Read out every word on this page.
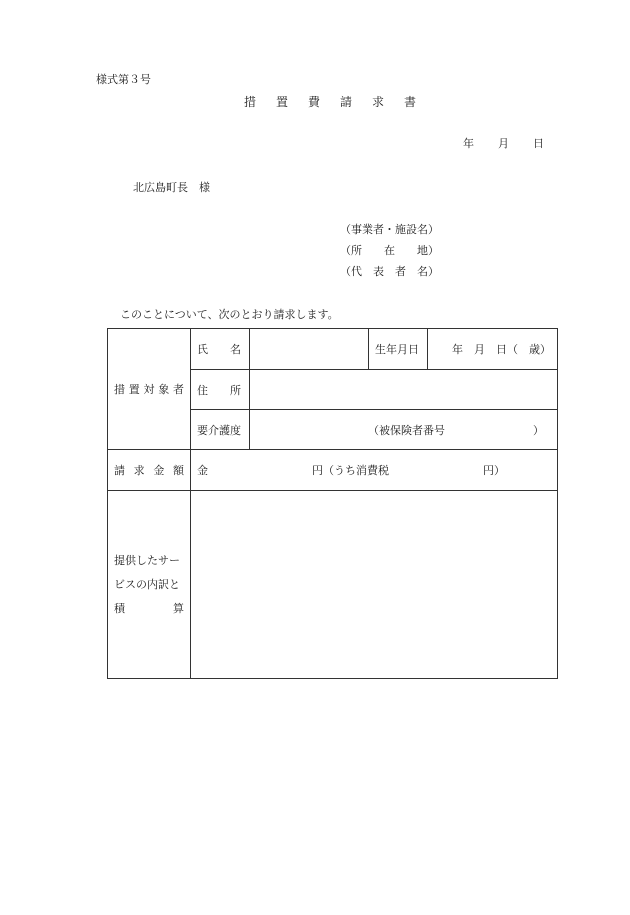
様式第３号
措置費請求書
年 月 日
北広島町長　様
（事業者・施設名）
（所　　在　　地）
（代　表　者　名）
このことについて、次のとおり請求します。
措置対象者	氏　　名		生年月日	年　月　日（　歳）
	住　　所			
	要介護度	（被保険者番号　　　　　　　　）		
請求金額	金 円（うち消費税 円）			

提供したサー
ビスの内訳と
積　　　　算				
